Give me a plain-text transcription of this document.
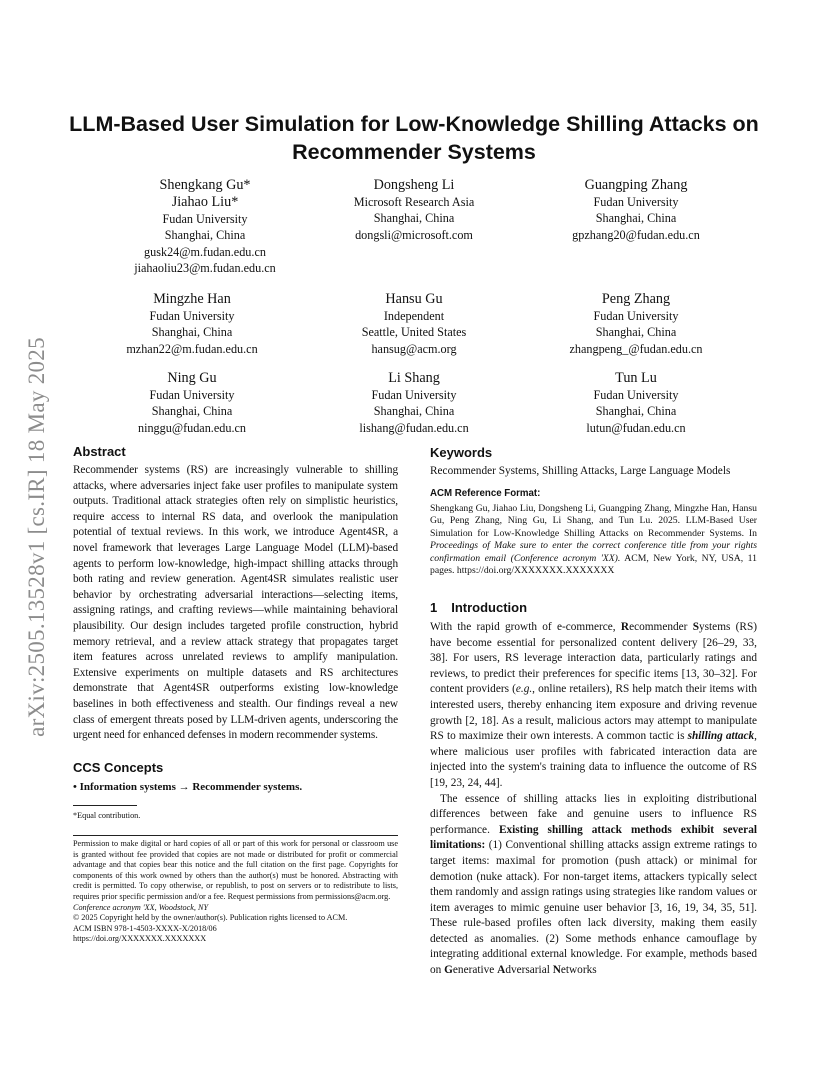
arXiv:2505.13528v1 [cs.IR] 18 May 2025
LLM-Based User Simulation for Low-Knowledge Shilling Attacks on Recommender Systems
Shengkang Gu*
Jiahao Liu*
Fudan University
Shanghai, China
gusk24@m.fudan.edu.cn
jiahaoliu23@m.fudan.edu.cn
Dongsheng Li
Microsoft Research Asia
Shanghai, China
dongsli@microsoft.com
Guangping Zhang
Fudan University
Shanghai, China
gpzhang20@fudan.edu.cn
Mingzhe Han
Fudan University
Shanghai, China
mzhan22@m.fudan.edu.cn
Hansu Gu
Independent
Seattle, United States
hansug@acm.org
Peng Zhang
Fudan University
Shanghai, China
zhangpeng_@fudan.edu.cn
Ning Gu
Fudan University
Shanghai, China
ninggu@fudan.edu.cn
Li Shang
Fudan University
Shanghai, China
lishang@fudan.edu.cn
Tun Lu
Fudan University
Shanghai, China
lutun@fudan.edu.cn
Abstract
Recommender systems (RS) are increasingly vulnerable to shilling attacks, where adversaries inject fake user profiles to manipulate system outputs. Traditional attack strategies often rely on simplistic heuristics, require access to internal RS data, and overlook the manipulation potential of textual reviews. In this work, we introduce Agent4SR, a novel framework that leverages Large Language Model (LLM)-based agents to perform low-knowledge, high-impact shilling attacks through both rating and review generation. Agent4SR simulates realistic user behavior by orchestrating adversarial interactions—selecting items, assigning ratings, and crafting reviews—while maintaining behavioral plausibility. Our design includes targeted profile construction, hybrid memory retrieval, and a review attack strategy that propagates target item features across unrelated reviews to amplify manipulation. Extensive experiments on multiple datasets and RS architectures demonstrate that Agent4SR outperforms existing low-knowledge baselines in both effectiveness and stealth. Our findings reveal a new class of emergent threats posed by LLM-driven agents, underscoring the urgent need for enhanced defenses in modern recommender systems.
CCS Concepts
• Information systems → Recommender systems.
*Equal contribution.
Permission to make digital or hard copies of all or part of this work for personal or classroom use is granted without fee provided that copies are not made or distributed for profit or commercial advantage and that copies bear this notice and the full citation on the first page. Copyrights for components of this work owned by others than the author(s) must be honored. Abstracting with credit is permitted. To copy otherwise, or republish, to post on servers or to redistribute to lists, requires prior specific permission and/or a fee. Request permissions from permissions@acm.org.
Conference acronym 'XX, Woodstock, NY
© 2025 Copyright held by the owner/author(s). Publication rights licensed to ACM.
ACM ISBN 978-1-4503-XXXX-X/2018/06
https://doi.org/XXXXXXX.XXXXXXX
Keywords
Recommender Systems, Shilling Attacks, Large Language Models
ACM Reference Format:
Shengkang Gu, Jiahao Liu, Dongsheng Li, Guangping Zhang, Mingzhe Han, Hansu Gu, Peng Zhang, Ning Gu, Li Shang, and Tun Lu. 2025. LLM-Based User Simulation for Low-Knowledge Shilling Attacks on Recommender Systems. In Proceedings of Make sure to enter the correct conference title from your rights confirmation email (Conference acronym 'XX). ACM, New York, NY, USA, 11 pages. https://doi.org/XXXXXXX.XXXXXXX
1 Introduction
With the rapid growth of e-commerce, Recommender Systems (RS) have become essential for personalized content delivery [26–29, 33, 38]. For users, RS leverage interaction data, particularly ratings and reviews, to predict their preferences for specific items [13, 30–32]. For content providers (e.g., online retailers), RS help match their items with interested users, thereby enhancing item exposure and driving revenue growth [2, 18]. As a result, malicious actors may attempt to manipulate RS to maximize their own interests. A common tactic is shilling attack, where malicious user profiles with fabricated interaction data are injected into the system's training data to influence the outcome of RS [19, 23, 24, 44].
The essence of shilling attacks lies in exploiting distributional differences between fake and genuine users to influence RS performance. Existing shilling attack methods exhibit several limitations: (1) Conventional shilling attacks assign extreme ratings to target items: maximal for promotion (push attack) or minimal for demotion (nuke attack). For non-target items, attackers typically select them randomly and assign ratings using strategies like random values or item averages to mimic genuine user behavior [3, 16, 19, 34, 35, 51]. These rule-based profiles often lack diversity, making them easily detected as anomalies. (2) Some methods enhance camouflage by integrating additional external knowledge. For example, methods based on Generative Adversarial Networks
